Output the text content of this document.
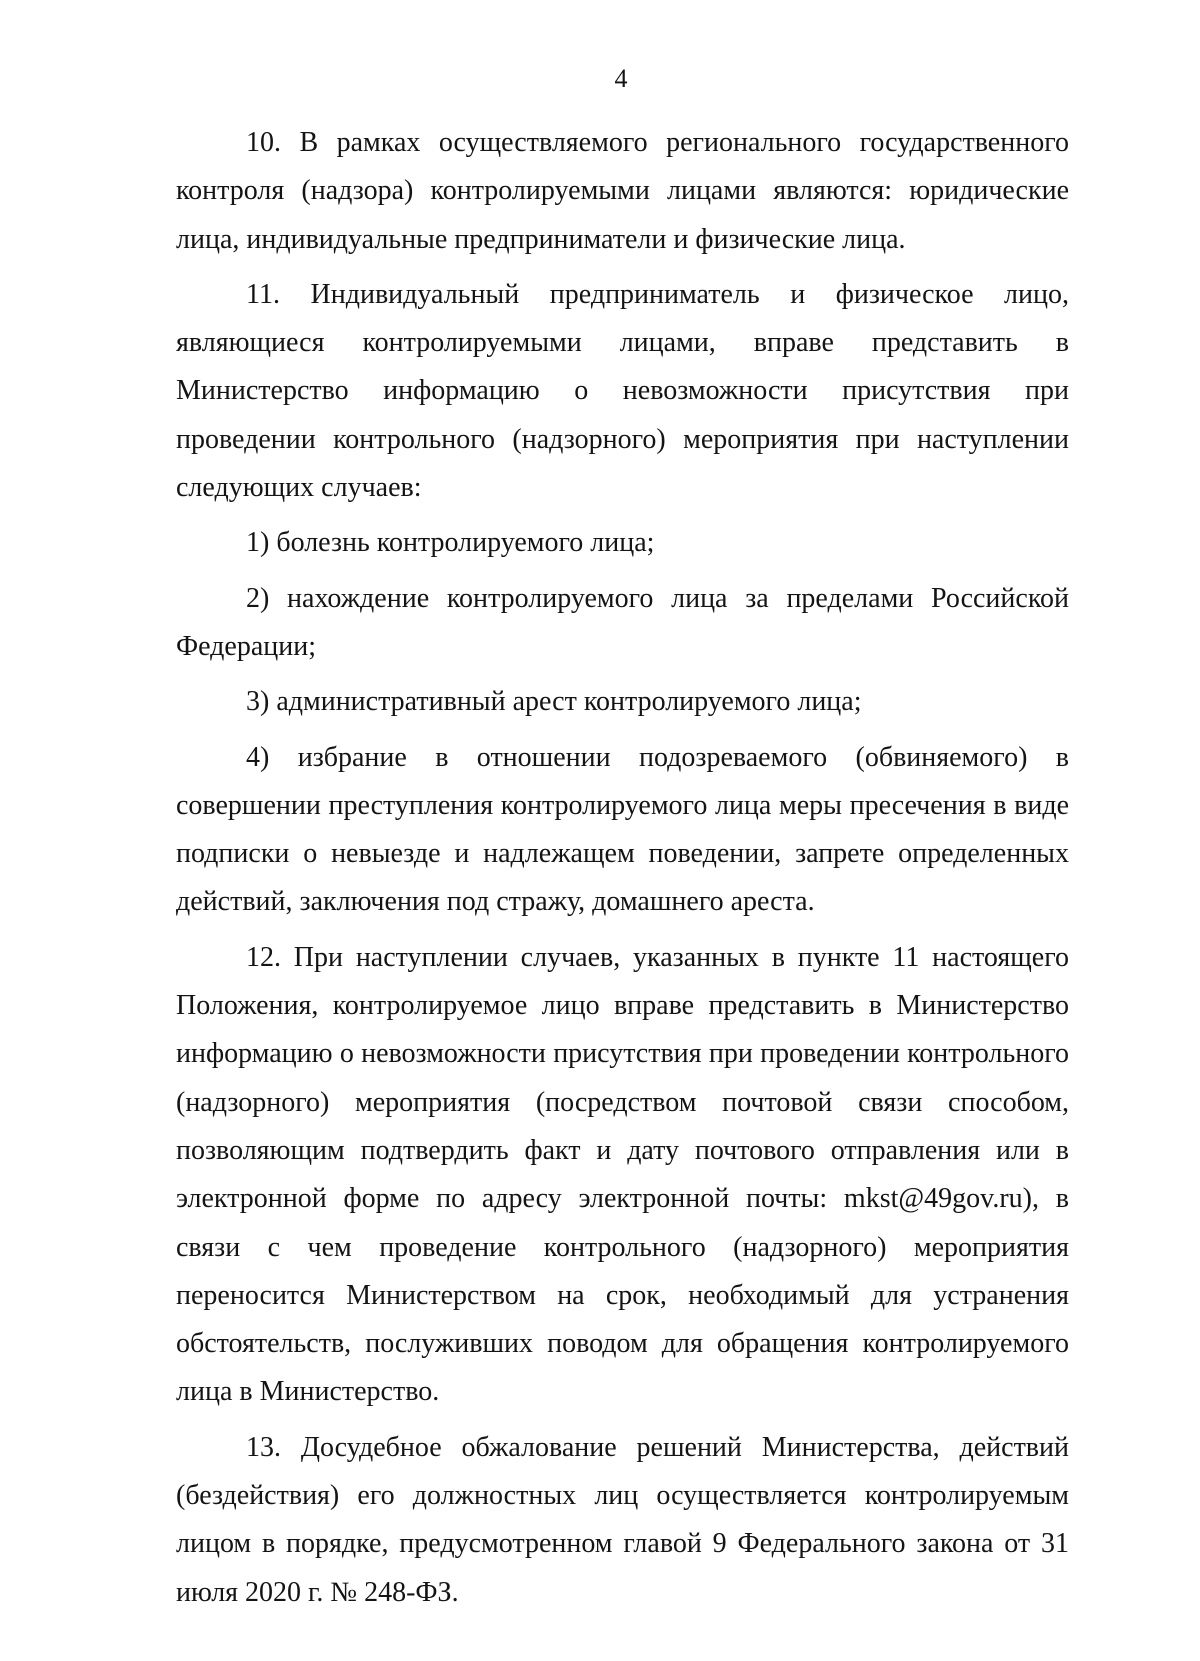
4

10. В рамках осуществляемого регионального государственного контроля (надзора) контролируемыми лицами являются: юридические лица, индивидуальные предприниматели и физические лица.

11. Индивидуальный предприниматель и физическое лицо, являющиеся контролируемыми лицами, вправе представить в Министерство информацию о невозможности присутствия при проведении контрольного (надзорного) мероприятия при наступлении следующих случаев:

1) болезнь контролируемого лица;

2) нахождение контролируемого лица за пределами Российской Федерации;

3) административный арест контролируемого лица;

4) избрание в отношении подозреваемого (обвиняемого) в совершении преступления контролируемого лица меры пресечения в виде подписки о невыезде и надлежащем поведении, запрете определенных действий, заключения под стражу, домашнего ареста.

12. При наступлении случаев, указанных в пункте 11 настоящего Положения, контролируемое лицо вправе представить в Министерство информацию о невозможности присутствия при проведении контрольного (надзорного) мероприятия (посредством почтовой связи способом, позволяющим подтвердить факт и дату почтового отправления или в электронной форме по адресу электронной почты: mkst@49gov.ru), в связи с чем проведение контрольного (надзорного) мероприятия переносится Министерством на срок, необходимый для устранения обстоятельств, послуживших поводом для обращения контролируемого лица в Министерство.

13. Досудебное обжалование решений Министерства, действий (бездействия) его должностных лиц осуществляется контролируемым лицом в порядке, предусмотренном главой 9 Федерального закона от 31 июля 2020 г. № 248-ФЗ.
